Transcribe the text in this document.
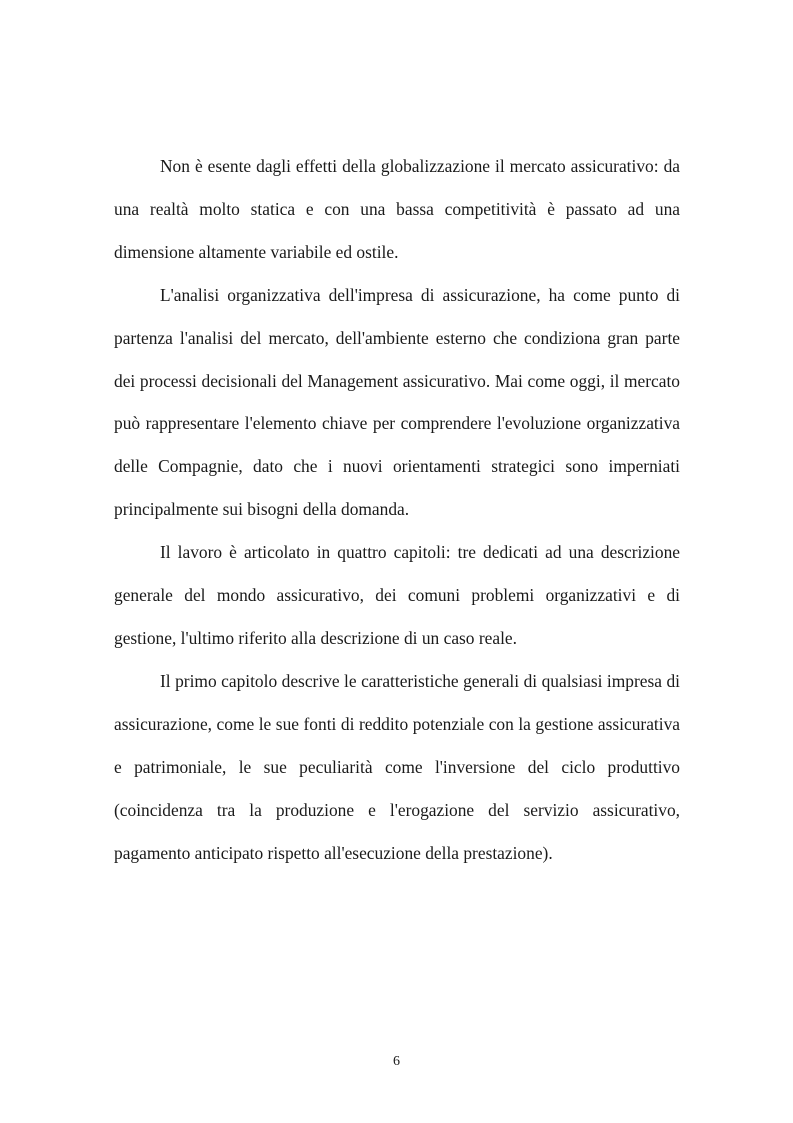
Non è esente dagli effetti della globalizzazione il mercato assicurativo: da una realtà molto statica e con una bassa competitività è passato ad una dimensione altamente variabile ed ostile.

L'analisi organizzativa dell'impresa di assicurazione, ha come punto di partenza l'analisi del mercato, dell'ambiente esterno che condiziona gran parte dei processi decisionali del Management assicurativo. Mai come oggi, il mercato può rappresentare l'elemento chiave per comprendere l'evoluzione organizzativa delle Compagnie, dato che i nuovi orientamenti strategici sono imperniati principalmente sui bisogni della domanda.

Il lavoro è articolato in quattro capitoli: tre dedicati ad una descrizione generale del mondo assicurativo, dei comuni problemi organizzativi e di gestione, l'ultimo riferito alla descrizione di un caso reale.

Il primo capitolo descrive le caratteristiche generali di qualsiasi impresa di assicurazione, come le sue fonti di reddito potenziale con la gestione assicurativa e patrimoniale, le sue peculiarità come l'inversione del ciclo produttivo (coincidenza tra la produzione e l'erogazione del servizio assicurativo, pagamento anticipato rispetto all'esecuzione della prestazione).

6
